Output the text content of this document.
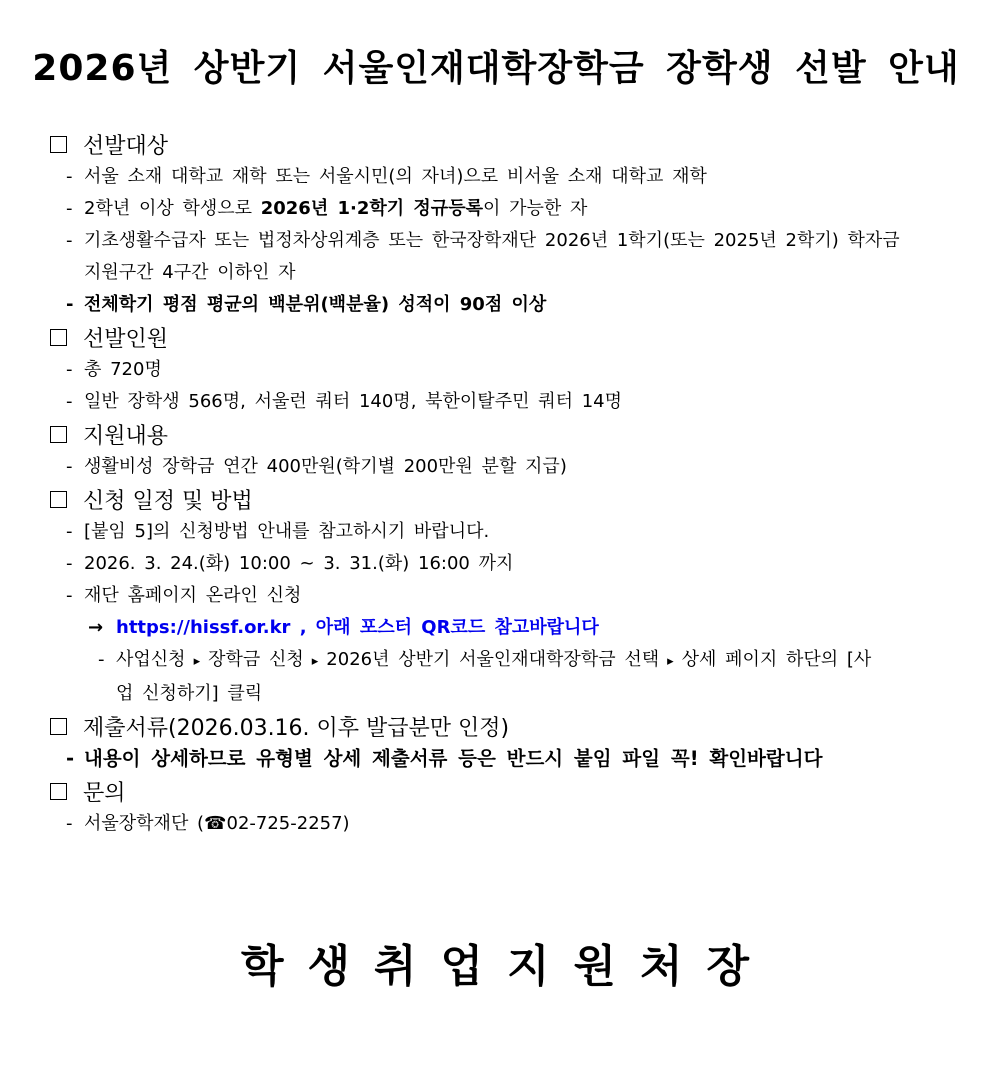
2026년 상반기 서울인재대학장학금 장학생 선발 안내
선발대상
- 서울 소재 대학교 재학 또는 서울시민(의 자녀)으로 비서울 소재 대학교 재학
- 2학년 이상 학생으로 2026년 1·2학기 정규등록이 가능한 자
- 기초생활수급자 또는 법정차상위계층 또는 한국장학재단 2026년 1학기(또는 2025년 2학기) 학자금
지원구간 4구간 이하인 자
- 전체학기 평점 평균의 백분위(백분율) 성적이 90점 이상
선발인원
- 총 720명
- 일반 장학생 566명, 서울런 쿼터 140명, 북한이탈주민 쿼터 14명
지원내용
- 생활비성 장학금 연간 400만원(학기별 200만원 분할 지급)
신청 일정 및 방법
- [붙임 5]의 신청방법 안내를 참고하시기 바랍니다.
- 2026. 3. 24.(화) 10:00 ~ 3. 31.(화) 16:00 까지
- 재단 홈페이지 온라인 신청
→ https://hissf.or.kr , 아래 포스터 QR코드 참고바랍니다
- 사업신청 ▸ 장학금 신청 ▸ 2026년 상반기 서울인재대학장학금 선택 ▸ 상세 페이지 하단의 [사
업 신청하기] 클릭
제출서류(2026.03.16. 이후 발급분만 인정)
- 내용이 상세하므로 유형별 상세 제출서류 등은 반드시 붙임 파일 꼭! 확인바랍니다
문의
- 서울장학재단 (☎02-725-2257)
학생취업지원처장
